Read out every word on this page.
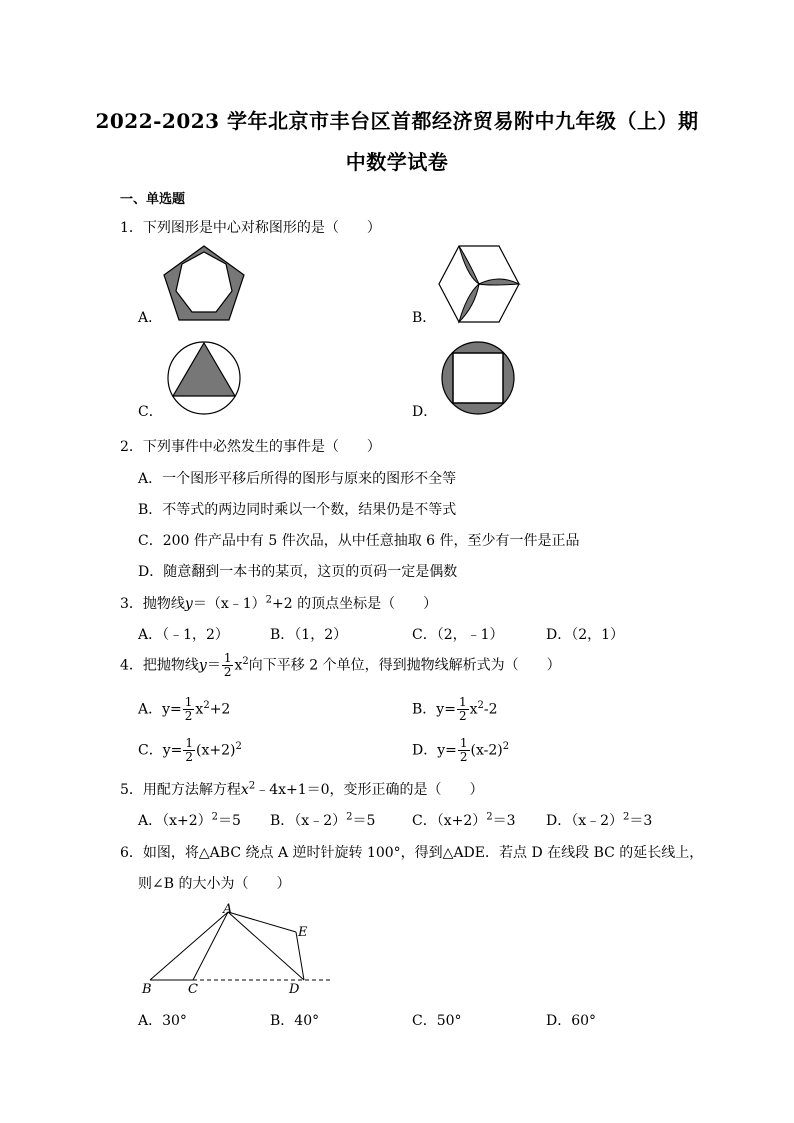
2022-2023 学年北京市丰台区首都经济贸易附中九年级（上）期
中数学试卷
一、单选题
1．下列图形是中心对称图形的是（　　）
A．	B．
C．	D．
2．下列事件中必然发生的事件是（　　）
A．一个图形平移后所得的图形与原来的图形不全等
B．不等式的两边同时乘以一个数，结果仍是不等式
C．200 件产品中有 5 件次品，从中任意抽取 6 件，至少有一件是正品
D．随意翻到一本书的某页，这页的页码一定是偶数
3．抛物线y＝（x﹣1）$^2$+2 的顶点坐标是（　　）
A．（﹣1，2）	B．（1，2）	C．（2，﹣1）	D．（2，1）
4．把抛物线$y= \frac{1}{2} x^2$向下平移 2 个单位，得到抛物线解析式为（　　）
A．$y= \frac{1}{2} x^2+2$	B．$y= \frac{1}{2} x^2-2$
C．$y= \frac{1}{2} (x+2)^2$	D．$y= \frac{1}{2} (x-2)^2$
5．用配方法解方程$x^2﹣4x+1=0$，变形正确的是（　　）
A．$(x+2)^2=5$ B．（x﹣2）$^2$＝5	C．$(x+2)^2=3$ D．（x﹣2）$^2$＝3
6．如图，将△ABC 绕点 A 逆时针旋转 100°，得到△ADE．若点 D 在线段 BC 的延长线上，
则∠B 的大小为（　　）
A
B	C	D
E
A．30°	B．40°	C．50°	D．60°
